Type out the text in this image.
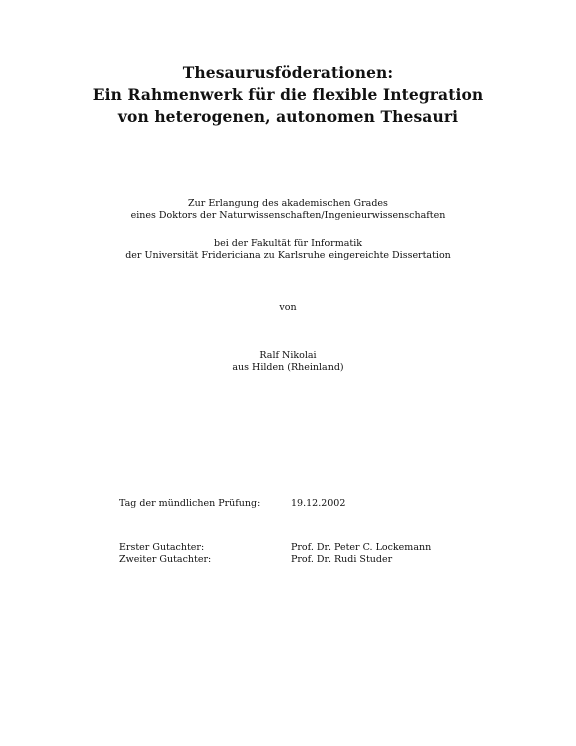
Thesaurusföderationen:
Ein Rahmenwerk für die flexible Integration
von heterogenen, autonomen Thesauri
Zur Erlangung des akademischen Grades
eines Doktors der Naturwissenschaften/Ingenieurwissenschaften
bei der Fakultät für Informatik
der Universität Fridericiana zu Karlsruhe eingereichte Dissertation
von
Ralf Nikolai
aus Hilden (Rheinland)
Tag der mündlichen Prüfung:	19.12.2002
Erster Gutachter:	Prof. Dr. Peter C. Lockemann
Zweiter Gutachter:	Prof. Dr. Rudi Studer
